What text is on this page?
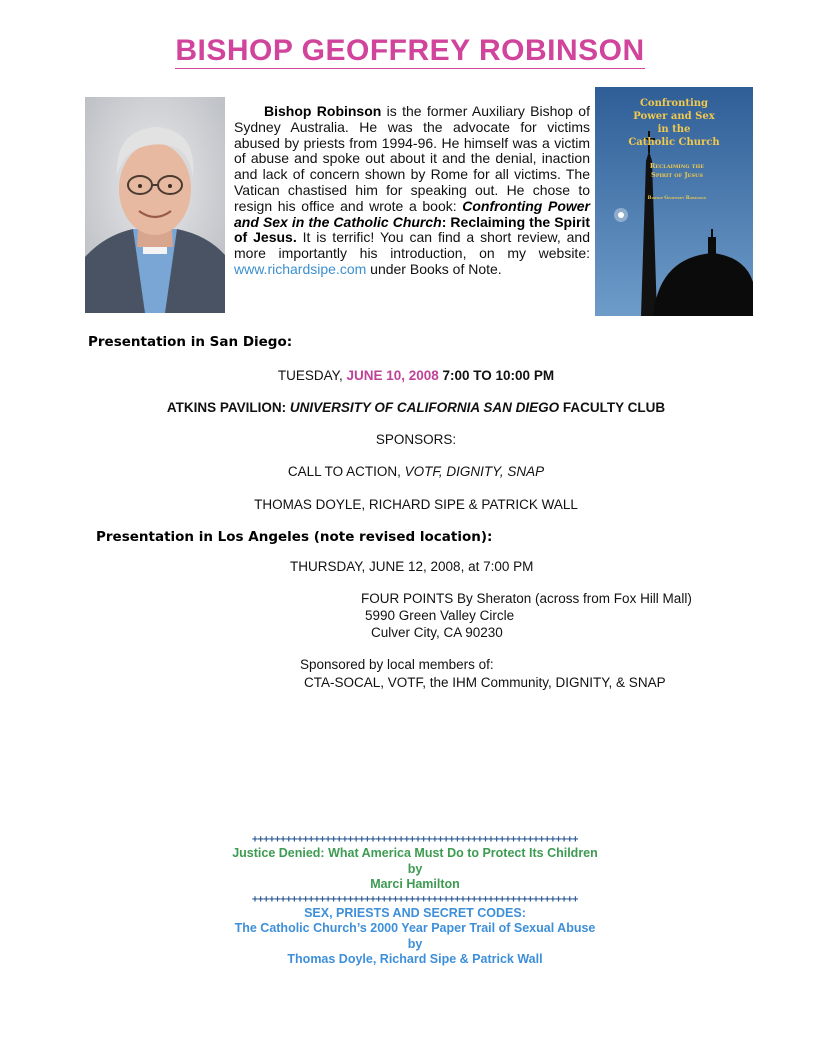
BISHOP GEOFFREY ROBINSON
Bishop Robinson is the former Auxiliary Bishop of Sydney Australia. He was the advocate for victims abused by priests from 1994-96. He himself was a victim of abuse and spoke out about it and the denial, inaction and lack of concern shown by Rome for all victims. The Vatican chastised him for speaking out. He chose to resign his office and wrote a book: Confronting Power and Sex in the Catholic Church: Reclaiming the Spirit of Jesus. It is terrific! You can find a short review, and more importantly his introduction, on my website: www.richardsipe.com under Books of Note.
Confronting
Power and Sex
in the
Catholic Church
Reclaiming the
Spirit of Jesus
Bishop Geoffrey Robinson
Presentation in San Diego:
TUESDAY, JUNE 10, 2008 7:00 TO 10:00 PM
ATKINS PAVILION: UNIVERSITY OF CALIFORNIA SAN DIEGO FACULTY CLUB
SPONSORS:
CALL TO ACTION, VOTF, DIGNITY, SNAP
THOMAS DOYLE, RICHARD SIPE & PATRICK WALL
Presentation in Los Angeles (note revised location):
THURSDAY, JUNE 12, 2008, at 7:00 PM
FOUR POINTS By Sheraton (across from Fox Hill Mall)
5990 Green Valley Circle
Culver City, CA 90230
Sponsored by local members of:
CTA-SOCAL, VOTF, the IHM Community, DIGNITY, & SNAP
++++++++++++++++++++++++++++++++++++++++++++++++++++++++++
Justice Denied: What America Must Do to Protect Its Children
by
Marci Hamilton
++++++++++++++++++++++++++++++++++++++++++++++++++++++++++
SEX, PRIESTS AND SECRET CODES:
The Catholic Church’s 2000 Year Paper Trail of Sexual Abuse
by
Thomas Doyle, Richard Sipe & Patrick Wall
